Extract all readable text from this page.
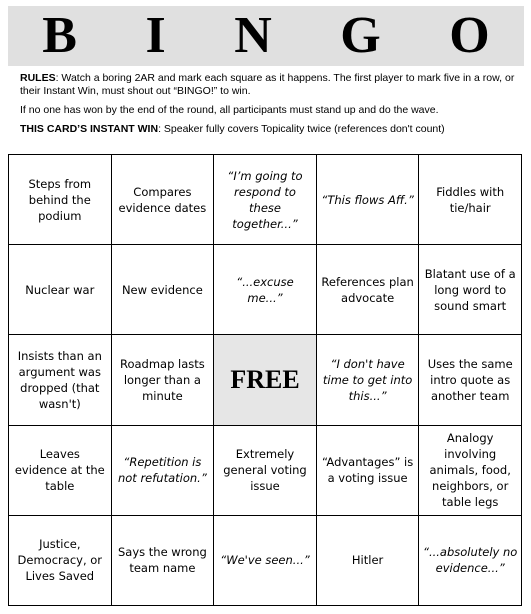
B I N G O

RULES: Watch a boring 2AR and mark each square as it happens. The first player to mark five in a row, or their Instant Win, must shout out “BINGO!” to win.

If no one has won by the end of the round, all participants must stand up and do the wave.

THIS CARD’S INSTANT WIN: Speaker fully covers Topicality twice (references don't count)

Steps from behind the podium
Compares evidence dates
“I’m going to respond to these together...”
“This flows Aff.”
Fiddles with tie/hair
Nuclear war	New evidence
“...excuse me...”
References plan advocate
Blatant use of a long word to sound smart
Insists than an argument was dropped (that wasn't)
Roadmap lasts longer than a minute
FREE
“I don't have time to get into this...”
Uses the same intro quote as another team
Leaves evidence at the table
“Repetition is not refutation.”
Extremely general voting issue
“Advantages” is a voting issue
Analogy involving animals, food, neighbors, or table legs
Justice, Democracy, or Lives Saved
Says the wrong team name
“We've seen...”	Hitler
“...absolutely no evidence...”
